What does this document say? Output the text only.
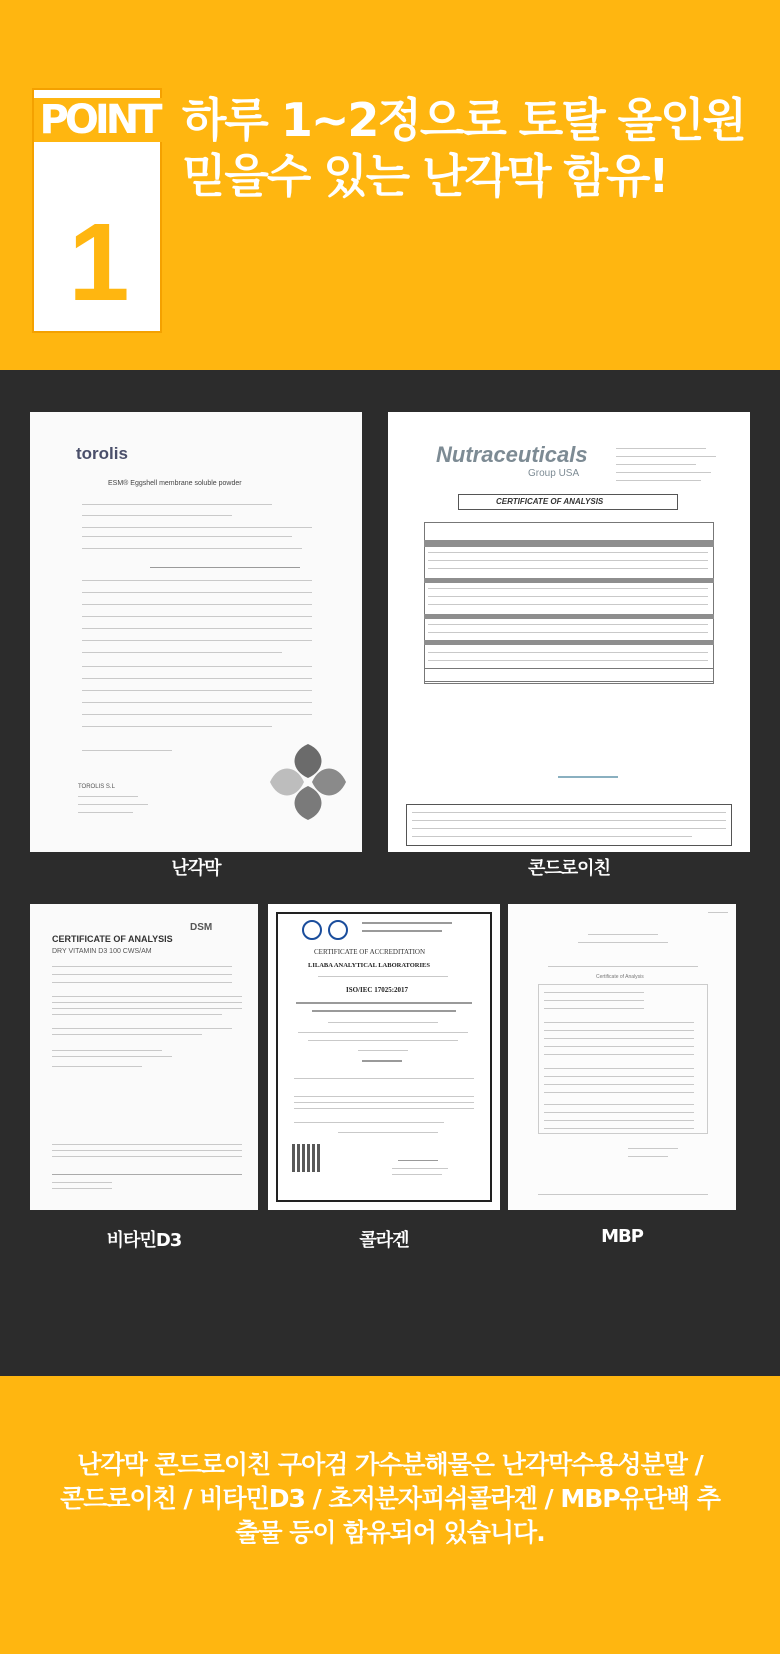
POINT
1
하루 1~2정으로 토탈 올인원
믿을수 있는 난각막 함유!
torolis
ESM® Eggshell membrane soluble powder
TOROLIS S.L
난각막
Nutraceuticals
Group USA
CERTIFICATE OF ANALYSIS
콘드로이친
CERTIFICATE OF ANALYSIS
DRY VITAMIN D3 100 CWS/AM
DSM
비타민D3
CERTIFICATE OF ACCREDITATION
LILABA ANALYTICAL LABORATORIES
ISO/IEC 17025:2017
콜라겐
Certificate of Analysis
MBP
난각막 콘드로이친 구아검 가수분해물은 난각막수용성분말 /
콘드로이친 / 비타민D3 / 초저분자피쉬콜라겐 / MBP유단백 추
출물 등이 함유되어 있습니다.
